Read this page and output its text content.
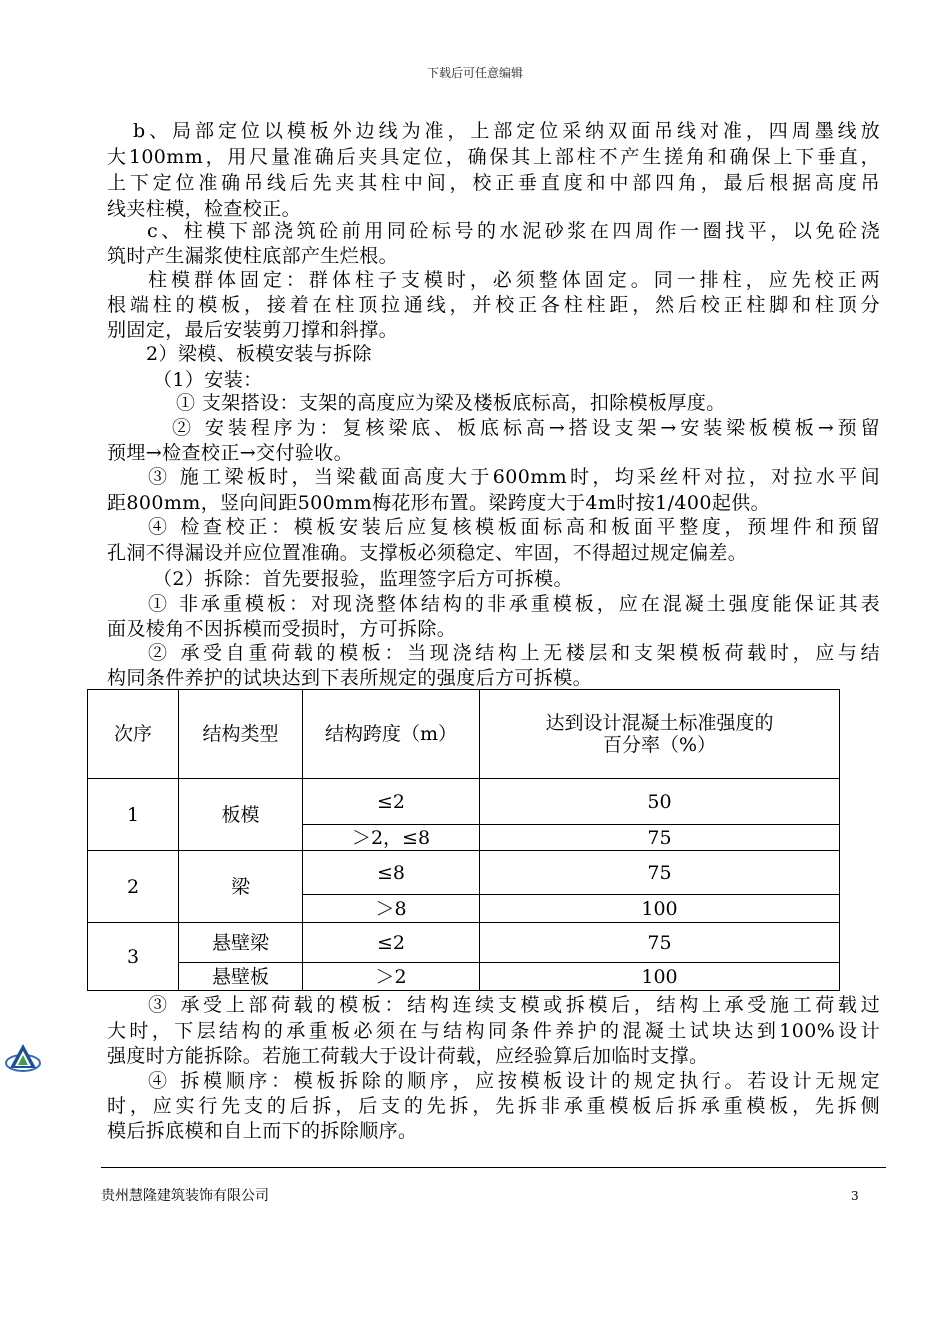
下载后可任意编辑
b、局部定位以模板外边线为准，上部定位采纳双面吊线对准，四周墨线放
大100mm，用尺量准确后夹具定位，确保其上部柱不产生搓角和确保上下垂直，
上下定位准确吊线后先夹其柱中间，校正垂直度和中部四角，最后根据高度吊
线夹柱模，检查校正。
c、柱模下部浇筑砼前用同砼标号的水泥砂浆在四周作一圈找平，以免砼浇
筑时产生漏浆使柱底部产生烂根。
柱模群体固定：群体柱子支模时，必须整体固定。同一排柱，应先校正两
根端柱的模板，接着在柱顶拉通线，并校正各柱柱距，然后校正柱脚和柱顶分
别固定，最后安装剪刀撑和斜撑。
2）梁模、板模安装与拆除
（1）安装：
① 支架搭设：支架的高度应为梁及楼板底标高，扣除模板厚度。
② 安装程序为：复核梁底、板底标高→搭设支架→安装梁板模板→预留
预埋→检查校正→交付验收。
③ 施工梁板时，当梁截面高度大于600mm时，均采丝杆对拉，对拉水平间
距800mm，竖向间距500mm梅花形布置。梁跨度大于4m时按1/400起供。
④ 检查校正：模板安装后应复核模板面标高和板面平整度，预埋件和预留
孔洞不得漏设并应位置准确。支撑板必须稳定、牢固，不得超过规定偏差。
（2）拆除：首先要报验，监理签字后方可拆模。
① 非承重模板：对现浇整体结构的非承重模板，应在混凝土强度能保证其表
面及棱角不因拆模而受损时，方可拆除。
② 承受自重荷载的模板：当现浇结构上无楼层和支架模板荷载时，应与结
构同条件养护的试块达到下表所规定的强度后方可拆模。
次序	结构类型	结构跨度（m）	达到设计混凝土标准强度的
百分率（%）

1	板模	≤2	50
		＞2，≤8	75
2	梁	≤8	75
		＞8	100
3	悬壁梁	≤2	75
	悬壁板	＞2	100
③ 承受上部荷载的模板：结构连续支模或拆模后，结构上承受施工荷载过
大时，下层结构的承重板必须在与结构同条件养护的混凝土试块达到100%设计
强度时方能拆除。若施工荷载大于设计荷载，应经验算后加临时支撑。
④ 拆模顺序：模板拆除的顺序，应按模板设计的规定执行。若设计无规定
时，应实行先支的后拆，后支的先拆，先拆非承重模板后拆承重模板，先拆侧
模后拆底模和自上而下的拆除顺序。
贵州慧隆建筑装饰有限公司	3
